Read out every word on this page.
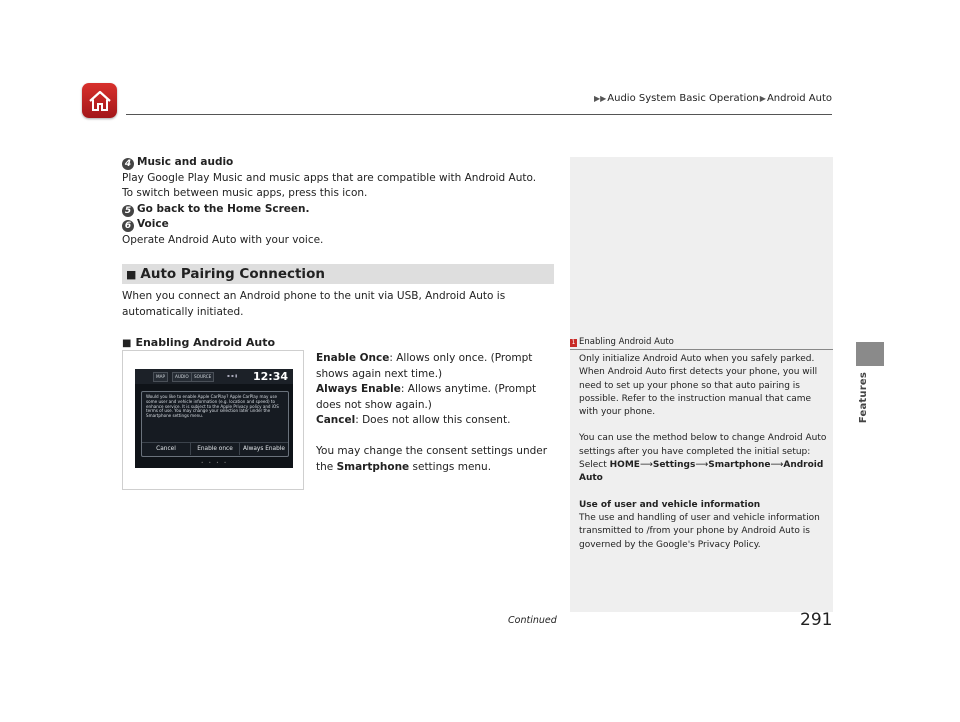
▶▶Audio System Basic Operation▶Android Auto
Features

4 Music and audio

Play Google Play Music and music apps that are compatible with Android Auto.

To switch between music apps, press this icon.

5 Go back to the Home Screen.

6 Voice

Operate Android Auto with your voice.

■ Auto Pairing Connection
When you connect an Android phone to the unit via USB, Android Auto is automatically initiated.
■ Enabling Android Auto
MAP	AUDIO	SOURCE	▪ ▪ ▮ 12:34
Would you like to enable Apple CarPlay? Apple CarPlay may use some user and vehicle information (e.g. location and speed) to enhance service. It is subject to the Apple Privacy policy and iOS terms of use. You may change your selection later under the Smartphone settings menu.
Cancel	Enable once	Always Enable
• • • •

Enable Once: Allows only once. (Prompt shows again next time.)

Always Enable: Allows anytime. (Prompt does not show again.)

Cancel: Does not allow this consent.

You may change the consent settings under the Smartphone settings menu.

1 Enabling Android Auto

Only initialize Android Auto when you safely parked. When Android Auto first detects your phone, you will need to set up your phone so that auto pairing is possible. Refer to the instruction manual that came with your phone.

You can use the method below to change Android Auto settings after you have completed the initial setup:
Select HOME⟶Settings⟶Smartphone⟶Android Auto

Use of user and vehicle information

The use and handling of user and vehicle information transmitted to /from your phone by Android Auto is governed by the Google's Privacy Policy.

Continued	291
